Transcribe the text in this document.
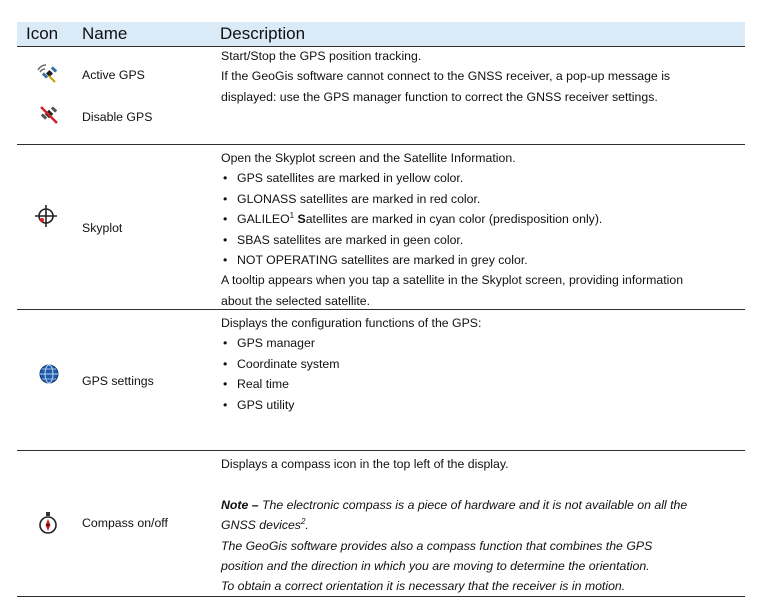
Icon Name	Description
Active GPS
Disable GPS
Start/Stop the GPS position tracking.
If the GeoGis software cannot connect to the GNSS receiver, a pop-up message is
displayed: use the GPS manager function to correct the GNSS receiver settings.
Skyplot
Open the Skyplot screen and the Satellite Information.
• GPS satellites are marked in yellow color.
• GLONASS satellites are marked in red color.
• GALILEO$^1$ Satellites are marked in cyan color (predisposition only).
• SBAS satellites are marked in geen color.
• NOT OPERATING satellites are marked in grey color.
A tooltip appears when you tap a satellite in the Skyplot screen, providing information
about the selected satellite.
GPS settings
Displays the configuration functions of the GPS:
• GPS manager
• Coordinate system
• Real time
• GPS utility
Compass on/off
Displays a compass icon in the top left of the display.
Note – The electronic compass is a piece of hardware and it is not available on all the
GNSS devices$^2$.
The GeoGis software provides also a compass function that combines the GPS
position and the direction in which you are moving to determine the orientation.
To obtain a correct orientation it is necessary that the receiver is in motion.
